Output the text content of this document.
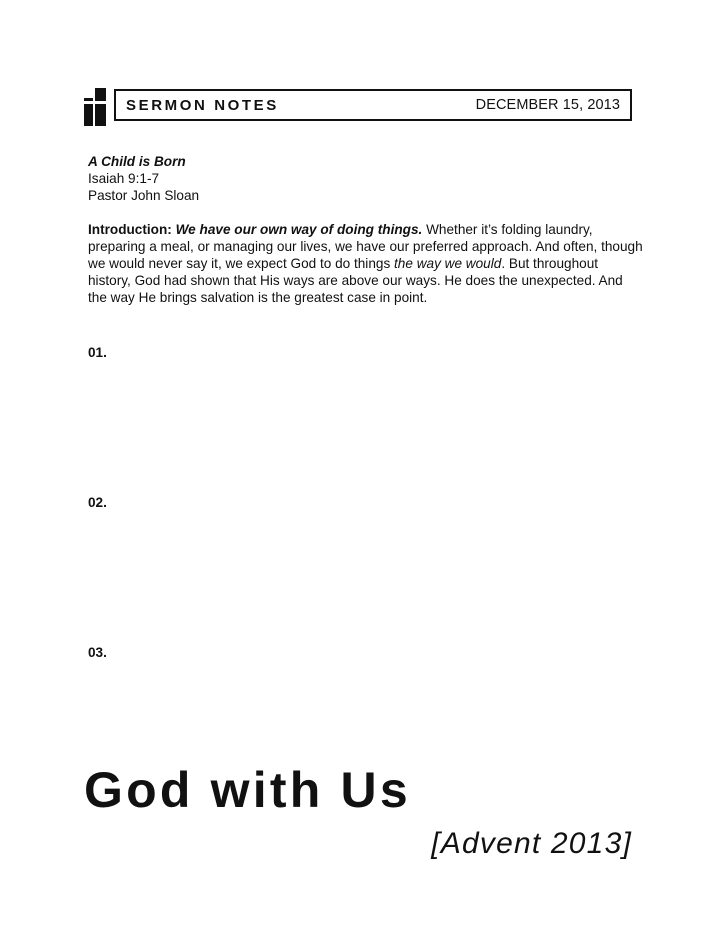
SERMON NOTES	DECEMBER 15, 2013

A Child is Born

Isaiah 9:1-7

Pastor John Sloan

Introduction: We have our own way of doing things. Whether it’s folding laundry, preparing a meal, or managing our lives, we have our preferred approach. And often, though we would never say it, we expect God to do things the way we would. But throughout history, God had shown that His ways are above our ways. He does the unexpected. And the way He brings salvation is the greatest case in point.

01.
02.
03.
God with Us
[Advent 2013]
